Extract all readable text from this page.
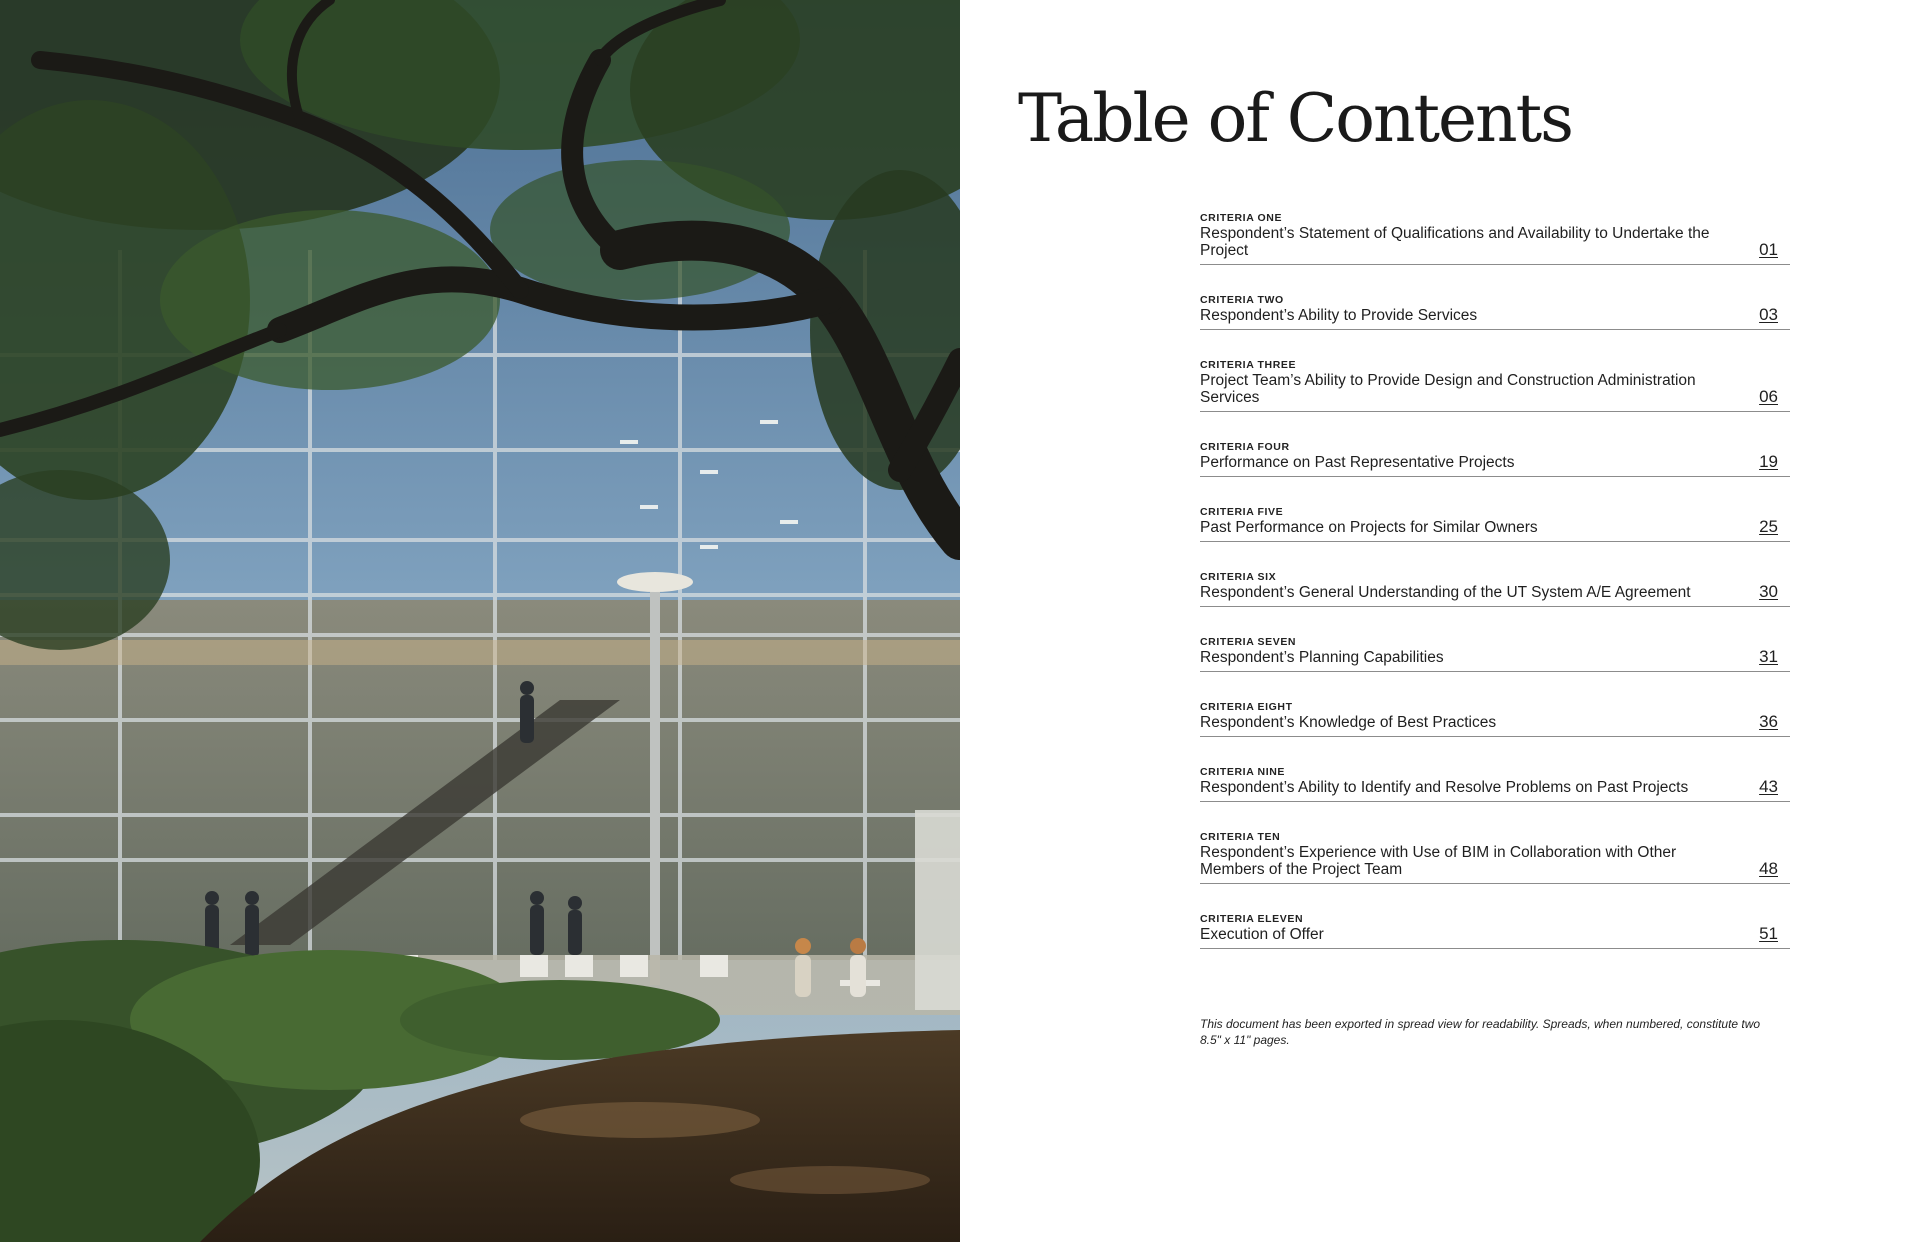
Table of Contents
CRITERIA ONE
Respondent’s Statement of Qualifications and Availability to Undertake the Project	01
CRITERIA TWO
Respondent’s Ability to Provide Services	03
CRITERIA THREE
Project Team’s Ability to Provide Design and Construction Administration Services	06
CRITERIA FOUR
Performance on Past Representative Projects	19
CRITERIA FIVE
Past Performance on Projects for Similar Owners	25
CRITERIA SIX
Respondent’s General Understanding of the UT System A/E Agreement	30
CRITERIA SEVEN
Respondent’s Planning Capabilities	31
CRITERIA EIGHT
Respondent’s Knowledge of Best Practices	36
CRITERIA NINE
Respondent’s Ability to Identify and Resolve Problems on Past Projects	43
CRITERIA TEN
Respondent’s Experience with Use of BIM in Collaboration with Other Members of the Project Team	48
CRITERIA ELEVEN
Execution of Offer	51

This document has been exported in spread view for readability. Spreads, when numbered, constitute two 8.5" x 11" pages.
